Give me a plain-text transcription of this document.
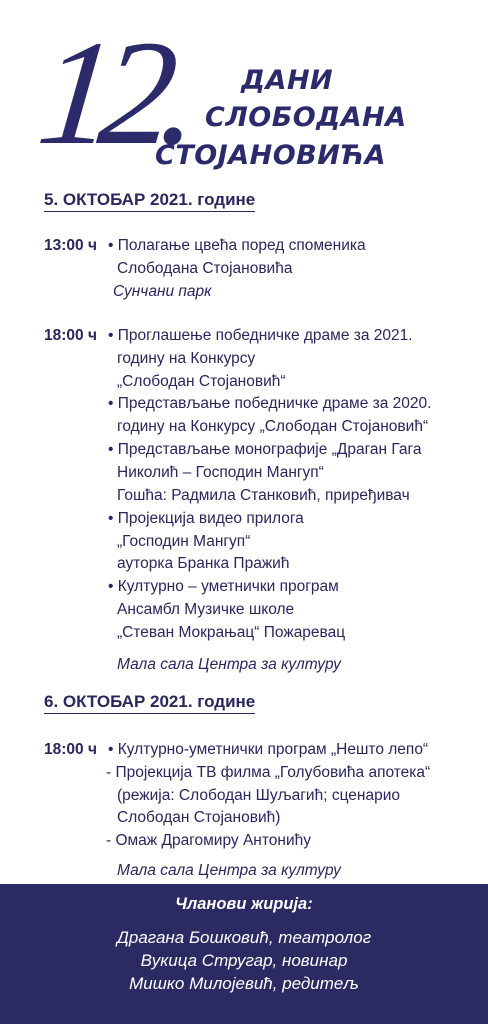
12. ДАНИ
СЛОБОДАНА
СТОЈАНОВИЋА
5. ОКТОБАР 2021. године
13:00 ч • Полагање цвећа поред споменика
Слободана Стојановића
Сунчани парк
18:00 ч • Проглашење победничке драме за 2021.
годину на Конкурсу
„Слободан Стојановић“
• Представљање победничке драме за 2020.
годину на Конкурсу „Слободан Стојановић“
• Представљање монографије „Драган Гага
Николић – Господин Мангуп“
Гошћа: Радмила Станковић, приређивач
• Пројекција видео прилога
„Господин Мангуп“
ауторка Бранка Пражић
• Културно – уметнички програм
Ансамбл Музичке школе
„Стеван Мокрањац“ Пожаревац
Мала сала Центра за културу
6. ОКТОБАР 2021. године
18:00 ч • Културно-уметнички програм „Нешто лепо“
- Пројекција ТВ филма „Голубовића апотека“
(режија: Слободан Шуљагић; сценарио
Слободан Стојановић)
- Омаж Драгомиру Антонићу
Мала сала Центра за културу
Чланови жирија:
Драгана Бошковић, театролог
Вукица Стругар, новинар
Мишко Милојевић, редитељ
